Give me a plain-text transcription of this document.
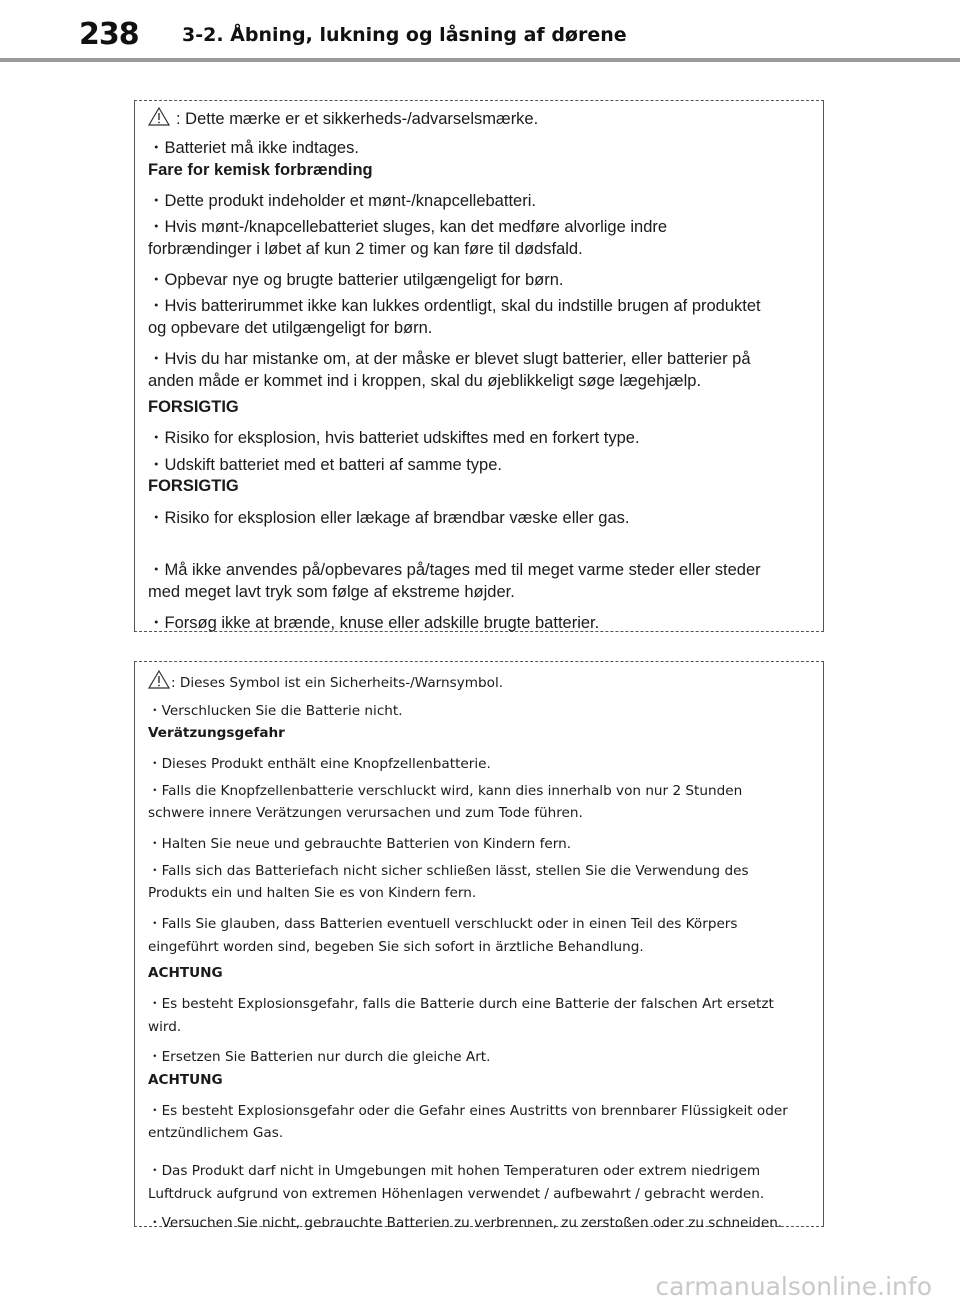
238 3-2. Åbning, lukning og låsning af dørene
: Dette mærke er et sikkerheds-/advarselsmærke.
・Batteriet må ikke indtages.
Fare for kemisk forbrænding
・Dette produkt indeholder et mønt-/knapcellebatteri.
・Hvis mønt-/knapcellebatteriet sluges, kan det medføre alvorlige indre
forbrændinger i løbet af kun 2 timer og kan føre til dødsfald.
・Opbevar nye og brugte batterier utilgængeligt for børn.
・Hvis batterirummet ikke kan lukkes ordentligt, skal du indstille brugen af produktet
og opbevare det utilgængeligt for børn.
・Hvis du har mistanke om, at der måske er blevet slugt batterier, eller batterier på
anden måde er kommet ind i kroppen, skal du øjeblikkeligt søge lægehjælp.
FORSIGTIG
・Risiko for eksplosion, hvis batteriet udskiftes med en forkert type.
・Udskift batteriet med et batteri af samme type.
FORSIGTIG
・Risiko for eksplosion eller lækage af brændbar væske eller gas.
・Må ikke anvendes på/opbevares på/tages med til meget varme steder eller steder
med meget lavt tryk som følge af ekstreme højder.
・Forsøg ikke at brænde, knuse eller adskille brugte batterier.
: Dieses Symbol ist ein Sicherheits-/Warnsymbol.
・Verschlucken Sie die Batterie nicht.
Verätzungsgefahr
・Dieses Produkt enthält eine Knopfzellenbatterie.
・Falls die Knopfzellenbatterie verschluckt wird, kann dies innerhalb von nur 2 Stunden
schwere innere Verätzungen verursachen und zum Tode führen.
・Halten Sie neue und gebrauchte Batterien von Kindern fern.
・Falls sich das Batteriefach nicht sicher schließen lässt, stellen Sie die Verwendung des
Produkts ein und halten Sie es von Kindern fern.
・Falls Sie glauben, dass Batterien eventuell verschluckt oder in einen Teil des Körpers
eingeführt worden sind, begeben Sie sich sofort in ärztliche Behandlung.
ACHTUNG
・Es besteht Explosionsgefahr, falls die Batterie durch eine Batterie der falschen Art ersetzt
wird.
・Ersetzen Sie Batterien nur durch die gleiche Art.
ACHTUNG
・Es besteht Explosionsgefahr oder die Gefahr eines Austritts von brennbarer Flüssigkeit oder
entzündlichem Gas.
・Das Produkt darf nicht in Umgebungen mit hohen Temperaturen oder extrem niedrigem
Luftdruck aufgrund von extremen Höhenlagen verwendet / aufbewahrt / gebracht werden.
・Versuchen Sie nicht, gebrauchte Batterien zu verbrennen, zu zerstoßen oder zu schneiden.
carmanualsonline.info
